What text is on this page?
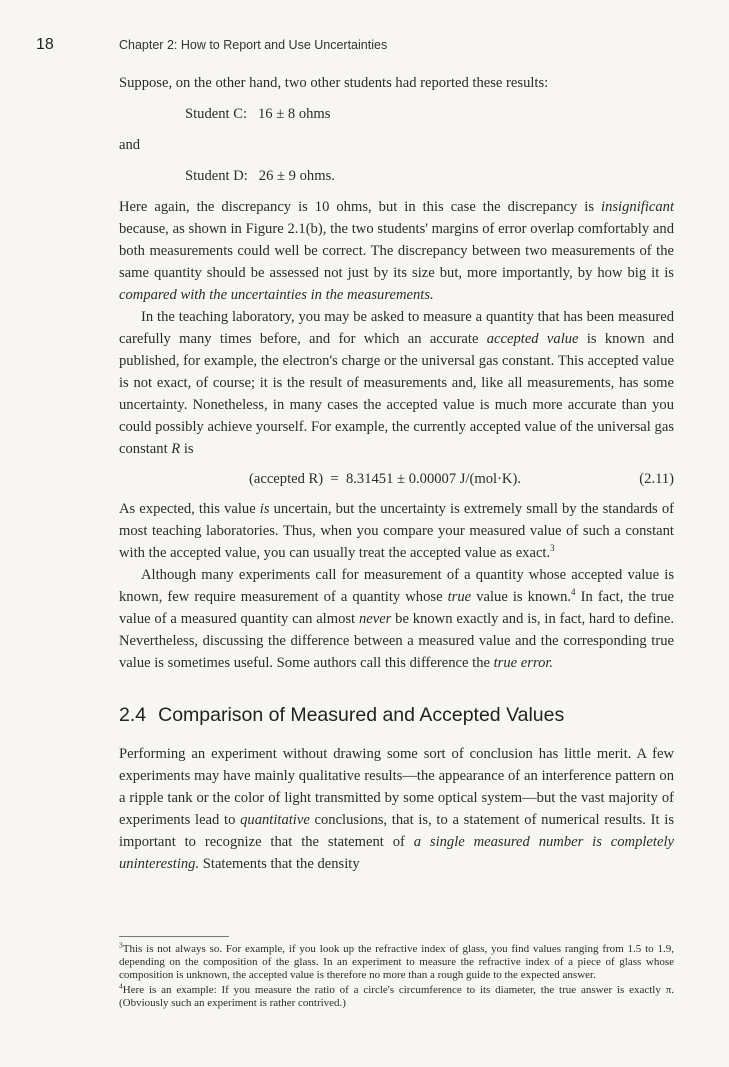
18	Chapter 2: How to Report and Use Uncertainties

Suppose, on the other hand, two other students had reported these results:

Student C:   16 ± 8 ohms
and
Student D:   26 ± 9 ohms.

Here again, the discrepancy is 10 ohms, but in this case the discrepancy is insignificant because, as shown in Figure 2.1(b), the two students' margins of error overlap comfortably and both measurements could well be correct. The discrepancy between two measurements of the same quantity should be assessed not just by its size but, more importantly, by how big it is compared with the uncertainties in the measurements.

In the teaching laboratory, you may be asked to measure a quantity that has been measured carefully many times before, and for which an accurate accepted value is known and published, for example, the electron's charge or the universal gas constant. This accepted value is not exact, of course; it is the result of measurements and, like all measurements, has some uncertainty. Nonetheless, in many cases the accepted value is much more accurate than you could possibly achieve yourself. For example, the currently accepted value of the universal gas constant R is

(accepted R)  =  8.31451 ± 0.00007 J/(mol·K).	(2.11)

As expected, this value is uncertain, but the uncertainty is extremely small by the standards of most teaching laboratories. Thus, when you compare your measured value of such a constant with the accepted value, you can usually treat the accepted value as exact.$^3$

Although many experiments call for measurement of a quantity whose accepted value is known, few require measurement of a quantity whose true value is known.$^4$ In fact, the true value of a measured quantity can almost never be known exactly and is, in fact, hard to define. Nevertheless, discussing the difference between a measured value and the corresponding true value is sometimes useful. Some authors call this difference the true error.

2.4 Comparison of Measured and Accepted Values

Performing an experiment without drawing some sort of conclusion has little merit. A few experiments may have mainly qualitative results—the appearance of an interference pattern on a ripple tank or the color of light transmitted by some optical system—but the vast majority of experiments lead to quantitative conclusions, that is, to a statement of numerical results. It is important to recognize that the statement of a single measured number is completely uninteresting. Statements that the density

$^3$This is not always so. For example, if you look up the refractive index of glass, you find values ranging from 1.5 to 1.9, depending on the composition of the glass. In an experiment to measure the refractive index of a piece of glass whose composition is unknown, the accepted value is therefore no more than a rough guide to the expected answer.

$^4$Here is an example: If you measure the ratio of a circle's circumference to its diameter, the true answer is exactly π. (Obviously such an experiment is rather contrived.)
